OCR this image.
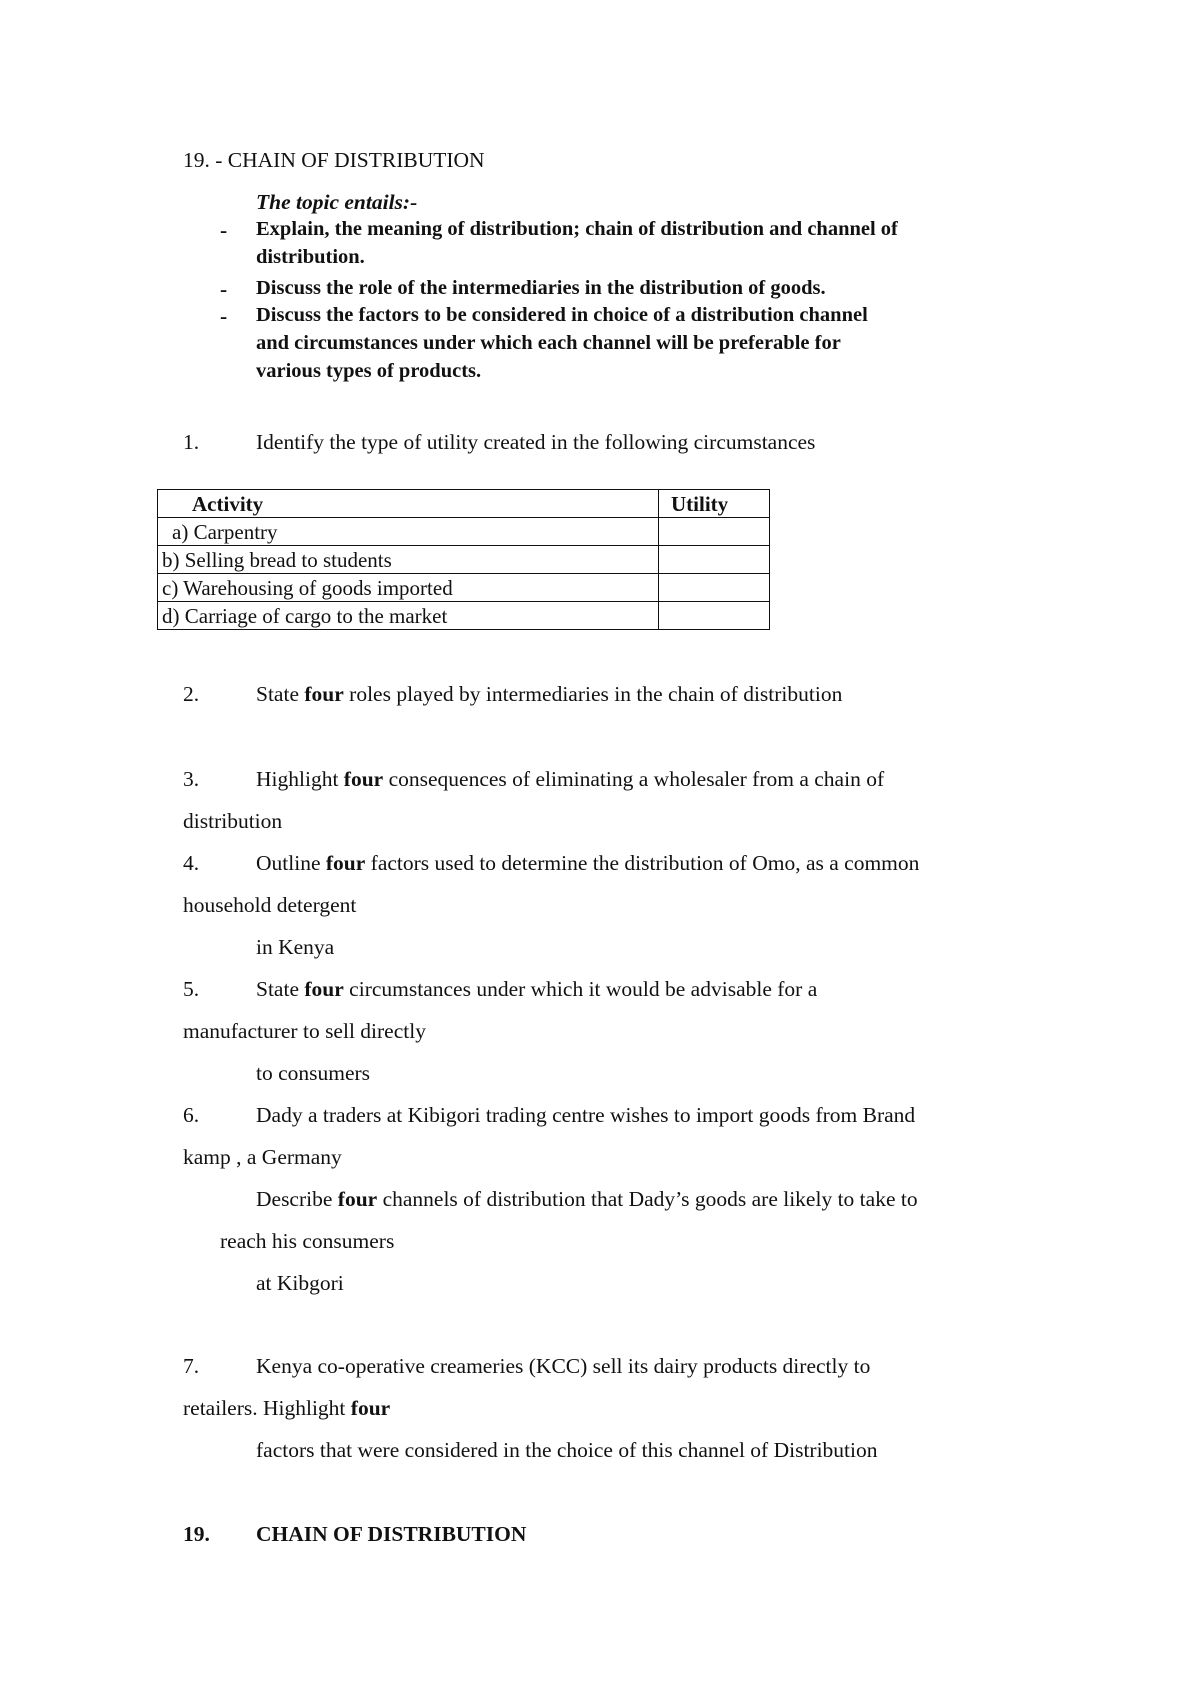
19. - CHAIN OF DISTRIBUTION
The topic entails:-
- Explain, the meaning of distribution; chain of distribution and channel of
distribution.
- Discuss the role of the intermediaries in the distribution of goods.
- Discuss the factors to be considered in choice of a distribution channel
and circumstances under which each channel will be preferable for
various types of products.
1.	Identify the type of utility created in the following circumstances
Activity	Utility
a) Carpentry	
b) Selling bread to students	
c) Warehousing of goods imported	
d) Carriage of cargo to the market	
2.	State four roles played by intermediaries in the chain of distribution
3.	Highlight four consequences of eliminating a wholesaler from a chain of
distribution
4.	Outline four factors used to determine the distribution of Omo, as a common
household detergent
in Kenya
5.	State four circumstances under which it would be advisable for a
manufacturer to sell directly
to consumers
6.	Dady a traders at Kibigori trading centre wishes to import goods from Brand
kamp , a Germany
Describe four channels of distribution that Dady’s goods are likely to take to
reach his consumers
at Kibgori
7.	Kenya co-operative creameries (KCC) sell its dairy products directly to
retailers. Highlight four
factors that were considered in the choice of this channel of Distribution
19. CHAIN OF DISTRIBUTION
